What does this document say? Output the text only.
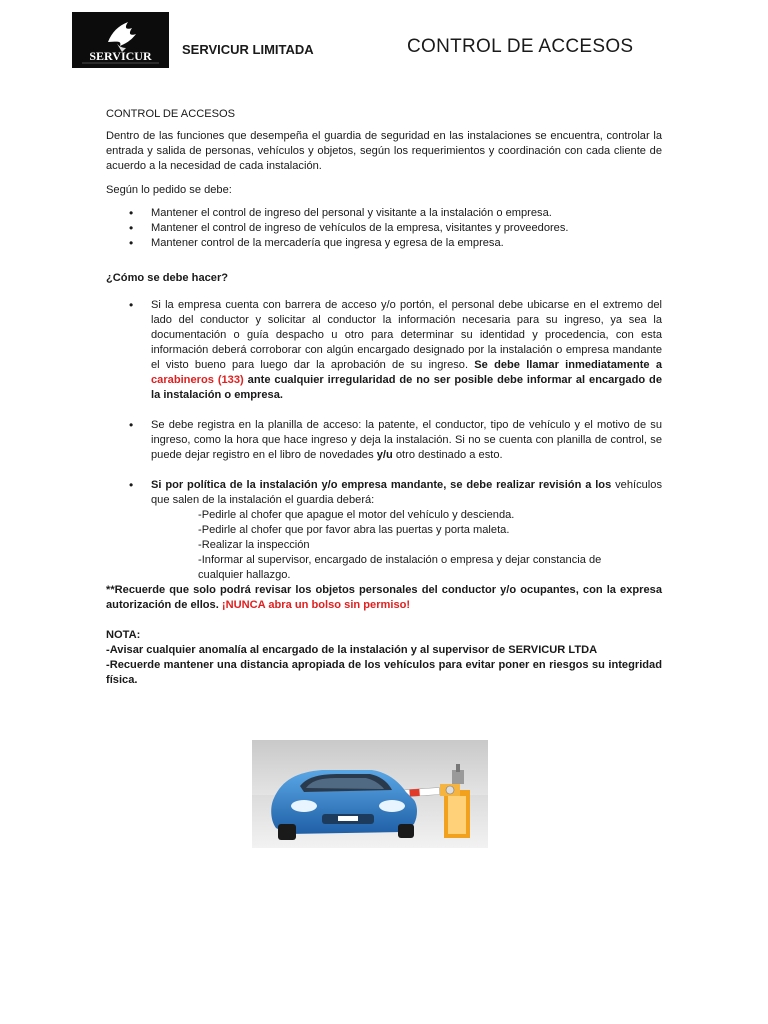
SERVICUR SERVICUR LIMITADA	CONTROL DE ACCESOS

CONTROL DE ACCESOS

Dentro de las funciones que desempeña el guardia de seguridad en las instalaciones se encuentra, controlar la entrada y salida de personas, vehículos y objetos, según los requerimientos y coordinación con cada cliente de acuerdo a la necesidad de cada instalación.

Según lo pedido se debe:

• Mantener el control de ingreso del personal y visitante a la instalación o empresa.
• Mantener el control de ingreso de vehículos de la empresa, visitantes y proveedores.
• Mantener control de la mercadería que ingresa y egresa de la empresa.

¿Cómo se debe hacer?

• Si la empresa cuenta con barrera de acceso y/o portón, el personal debe ubicarse en el extremo del lado del conductor y solicitar al conductor la información necesaria para su ingreso, ya sea la documentación o guía despacho u otro para determinar su identidad y procedencia, con esta información deberá corroborar con algún encargado designado por la instalación o empresa mandante el visto bueno para luego dar la aprobación de su ingreso. Se debe llamar inmediatamente a carabineros (133) ante cualquier irregularidad de no ser posible debe informar al encargado de la instalación o empresa.
• Se debe registra en la planilla de acceso: la patente, el conductor, tipo de vehículo y el motivo de su ingreso, como la hora que hace ingreso y deja la instalación. Si no se cuenta con planilla de control, se puede dejar registro en el libro de novedades y/u otro destinado a esto.
• Si por política de la instalación y/o empresa mandante, se debe realizar revisión a los vehículos que salen de la instalación el guardia deberá:
-Pedirle al chofer que apague el motor del vehículo y descienda.
-Pedirle al chofer que por favor abra las puertas y porta maleta.
-Realizar la inspección
-Informar al supervisor, encargado de instalación o empresa y dejar constancia de
cualquier hallazgo.

**Recuerde que solo podrá revisar los objetos personales del conductor y/o ocupantes, con la expresa autorización de ellos. ¡NUNCA abra un bolso sin permiso!

NOTA:

-Avisar cualquier anomalía al encargado de la instalación y al supervisor de SERVICUR LTDA

-Recuerde mantener una distancia apropiada de los vehículos para evitar poner en riesgos su integridad física.
